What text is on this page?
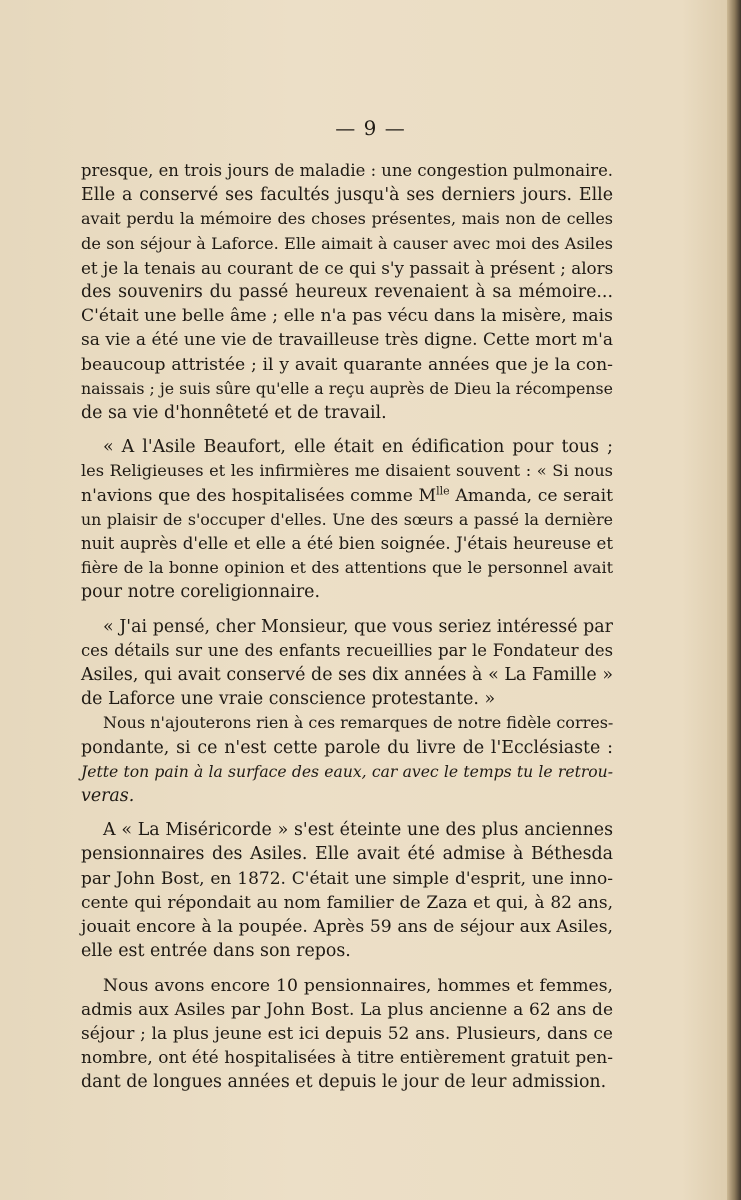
— 9 —

presque, en trois jours de maladie : une congestion pulmonaire.
Elle a conservé ses facultés jusqu'à ses derniers jours. Elle
avait perdu la mémoire des choses présentes, mais non de celles
de son séjour à Laforce. Elle aimait à causer avec moi des Asiles
et je la tenais au courant de ce qui s'y passait à présent ; alors
des souvenirs du passé heureux revenaient à sa mémoire...
C'était une belle âme ; elle n'a pas vécu dans la misère, mais
sa vie a été une vie de travailleuse très digne. Cette mort m'a
beaucoup attristée ; il y avait quarante années que je la con-
naissais ; je suis sûre qu'elle a reçu auprès de Dieu la récompense
de sa vie d'honnêteté et de travail.

« A l'Asile Beaufort, elle était en édification pour tous ;
les Religieuses et les infirmières me disaient souvent : « Si nous
n'avions que des hospitalisées comme $M^{lle}$ Amanda, ce serait
un plaisir de s'occuper d'elles. Une des sœurs a passé la dernière
nuit auprès d'elle et elle a été bien soignée. J'étais heureuse et
fière de la bonne opinion et des attentions que le personnel avait
pour notre coreligionnaire.

« J'ai pensé, cher Monsieur, que vous seriez intéressé par
ces détails sur une des enfants recueillies par le Fondateur des
Asiles, qui avait conservé de ses dix années à « La Famille »
de Laforce une vraie conscience protestante. »

Nous n'ajouterons rien à ces remarques de notre fidèle corres-
pondante, si ce n'est cette parole du livre de l'Ecclésiaste :
Jette ton pain à la surface des eaux, car avec le temps tu le retrou-
veras.

A « La Miséricorde » s'est éteinte une des plus anciennes
pensionnaires des Asiles. Elle avait été admise à Béthesda
par John Bost, en 1872. C'était une simple d'esprit, une inno-
cente qui répondait au nom familier de Zaza et qui, à 82 ans,
jouait encore à la poupée. Après 59 ans de séjour aux Asiles,
elle est entrée dans son repos.

Nous avons encore 10 pensionnaires, hommes et femmes,
admis aux Asiles par John Bost. La plus ancienne a 62 ans de
séjour ; la plus jeune est ici depuis 52 ans. Plusieurs, dans ce
nombre, ont été hospitalisées à titre entièrement gratuit pen-
dant de longues années et depuis le jour de leur admission.
